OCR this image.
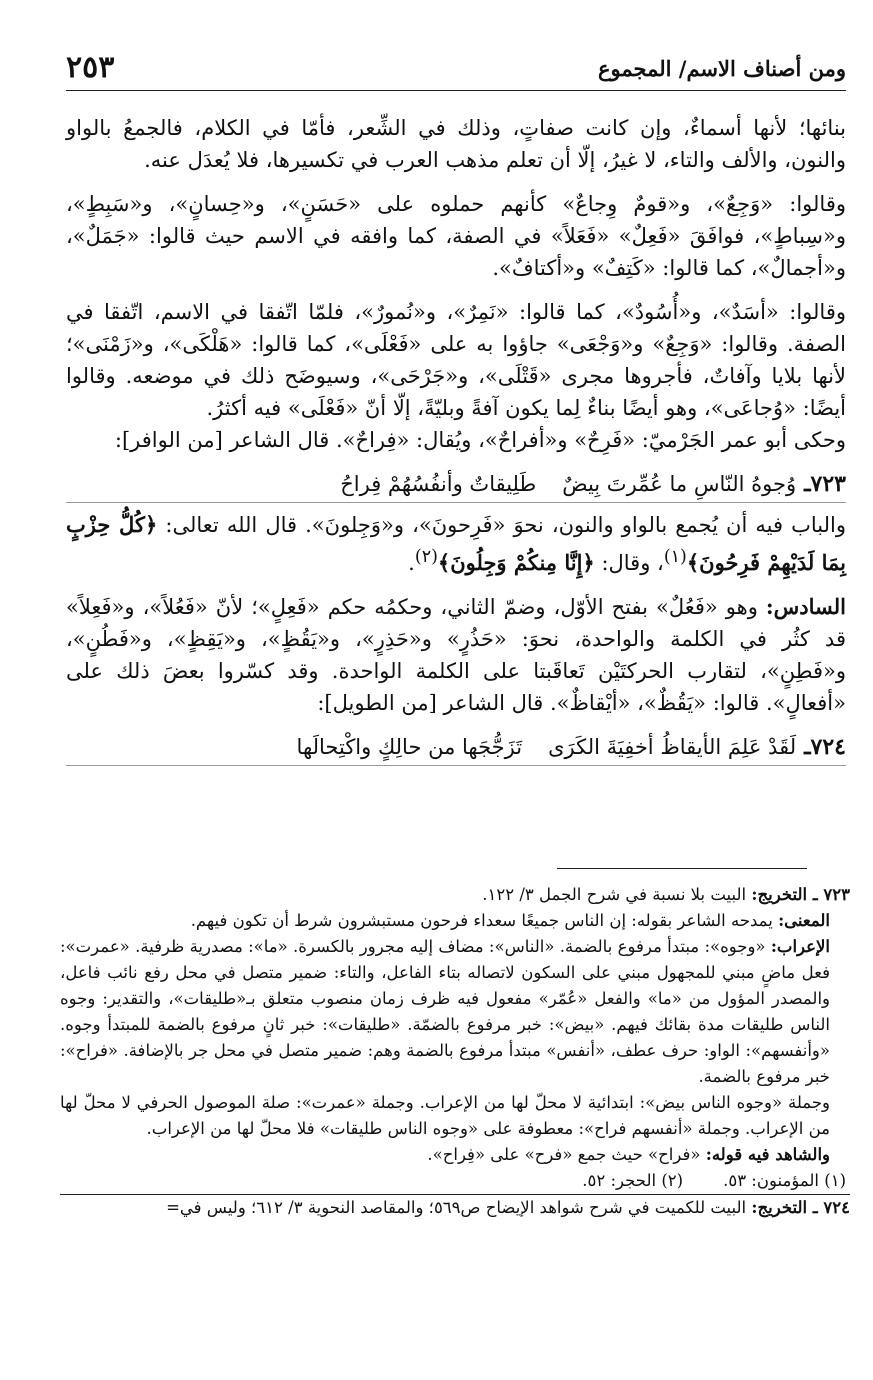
ومن أصناف الاسم/ المجموع
٢٥٣

بنائها؛ لأنها أسماءٌ، وإن كانت صفاتٍ، وذلك في الشِّعر، فأمّا في الكلام، فالجمعُ بالواو والنون، والألف والتاء، لا غيرُ، إلّا أن تعلم مذهب العرب في تكسيرها، فلا يُعدَل عنه.

وقالوا: «وَجِعٌ»، و«قومٌ وِجاعٌ» كأنهم حملوه على «حَسَنٍ»، و«حِسانٍ»، و«سَبِطٍ»، و«سِباطٍ»، فوافَقَ «فَعِلٌ» «فَعَلاً» في الصفة، كما وافقه في الاسم حيث قالوا: «جَمَلٌ»، و«أجمالٌ»، كما قالوا: «كَتِفٌ» و«أكتافٌ».

وقالوا: «أسَدٌ»، و«أُسُودٌ»، كما قالوا: «نَمِرٌ»، و«نُمورٌ»، فلمّا اتّفقا في الاسم، اتّفقا في الصفة. وقالوا: «وَجِعٌ» و«وَجْعَى» جاؤوا به على «فَعْلَى»، كما قالوا: «هَلْكَى»، و«زَمْنَى»؛ لأنها بلايا وآفاتٌ، فأجروها مجرى «قَتْلَى»، و«جَرْحَى»، وسيوضَح ذلك في موضعه. وقالوا أيضًا: «وُجاعَى»، وهو أيضًا بناءٌ لِما يكون آفةً وبليّةً، إلّا أنّ «فَعْلَى» فيه أكثرُ.

وحكى أبو عمر الجَرْميّ: «فَرِحٌ» و«أفراحٌ»، ويُقال: «فِراحٌ». قال الشاعر [من الوافر]:

٧٢٣ـ
وُجوهُ النّاسِ ما عُمِّرتَ بِيضٌ
طَلِيقاتٌ وأنفُسُهُمْ فِراحُ

والباب فيه أن يُجمع بالواو والنون، نحوَ «فَرِحونَ»، و«وَجِلونَ». قال الله تعالى: ﴿كُلُّ حِزْبٍ بِمَا لَدَيْهِمْ فَرِحُونَ﴾$^{(١)}$، وقال: ﴿إِنَّا مِنكُمْ وَجِلُونَ﴾$^{(٢)}$.

السادس: وهو «فَعُلٌ» بفتح الأوّل، وضمّ الثاني، وحكمُه حكم «فَعِلٍ»؛ لأنّ «فَعُلاً»، و«فَعِلاً» قد كثُر في الكلمة والواحدة، نحوَ: «حَذُرٍ» و«حَذِرٍ»، و«يَقُظٍ»، و«يَقِظٍ»، و«فَطُنٍ»، و«فَطِنٍ»، لتقارب الحركتَيْن تَعاقَبتا على الكلمة الواحدة. وقد كسّروا بعضَ ذلك على «أفعالٍ». قالوا: «يَقُظٌ»، «أيْقاظٌ». قال الشاعر [من الطويل]:

٧٢٤ـ
لَقَدْ عَلِمَ الأيقاظُ أخفِيَةَ الكَرَى
تَزَجُّجَها من حالِكٍ واكْتِحالَها

٧٢٣ ـ التخريج: البيت بلا نسبة في شرح الجمل ٣/ ١٢٢.

المعنى: يمدحه الشاعر بقوله: إن الناس جميعًا سعداء فرحون مستبشرون شرط أن تكون فيهم.

الإعراب: «وجوه»: مبتدأ مرفوع بالضمة. «الناس»: مضاف إليه مجرور بالكسرة. «ما»: مصدرية ظرفية. «عمرت»: فعل ماضٍ مبني للمجهول مبني على السكون لاتصاله بتاء الفاعل، والتاء: ضمير متصل في محل رفع نائب فاعل، والمصدر المؤول من «ما» والفعل «عُمّر» مفعول فيه ظرف زمان منصوب متعلق بـ«طليقات»، والتقدير: وجوه الناس طليقات مدة بقائك فيهم. «بيض»: خبر مرفوع بالضمّة. «طليقات»: خبر ثانٍ مرفوع بالضمة للمبتدأ وجوه. «وأنفسهم»: الواو: حرف عطف، «أنفس» مبتدأ مرفوع بالضمة وهم: ضمير متصل في محل جر بالإضافة. «فراح»: خبر مرفوع بالضمة.

وجملة «وجوه الناس بيض»: ابتدائية لا محلّ لها من الإعراب. وجملة «عمرت»: صلة الموصول الحرفي لا محلّ لها من الإعراب. وجملة «أنفسهم فراح»: معطوفة على «وجوه الناس طليقات» فلا محلّ لها من الإعراب.

والشاهد فيه قوله: «فراح» حيث جمع «فرح» على «فِراح».

(١) المؤمنون: ٥٣.
(٢) الحجر: ٥٢.

٧٢٤ ـ التخريج: البيت للكميت في شرح شواهد الإيضاح ص٥٦٩؛ والمقاصد النحوية ٣/ ٦١٢؛ وليس في=
